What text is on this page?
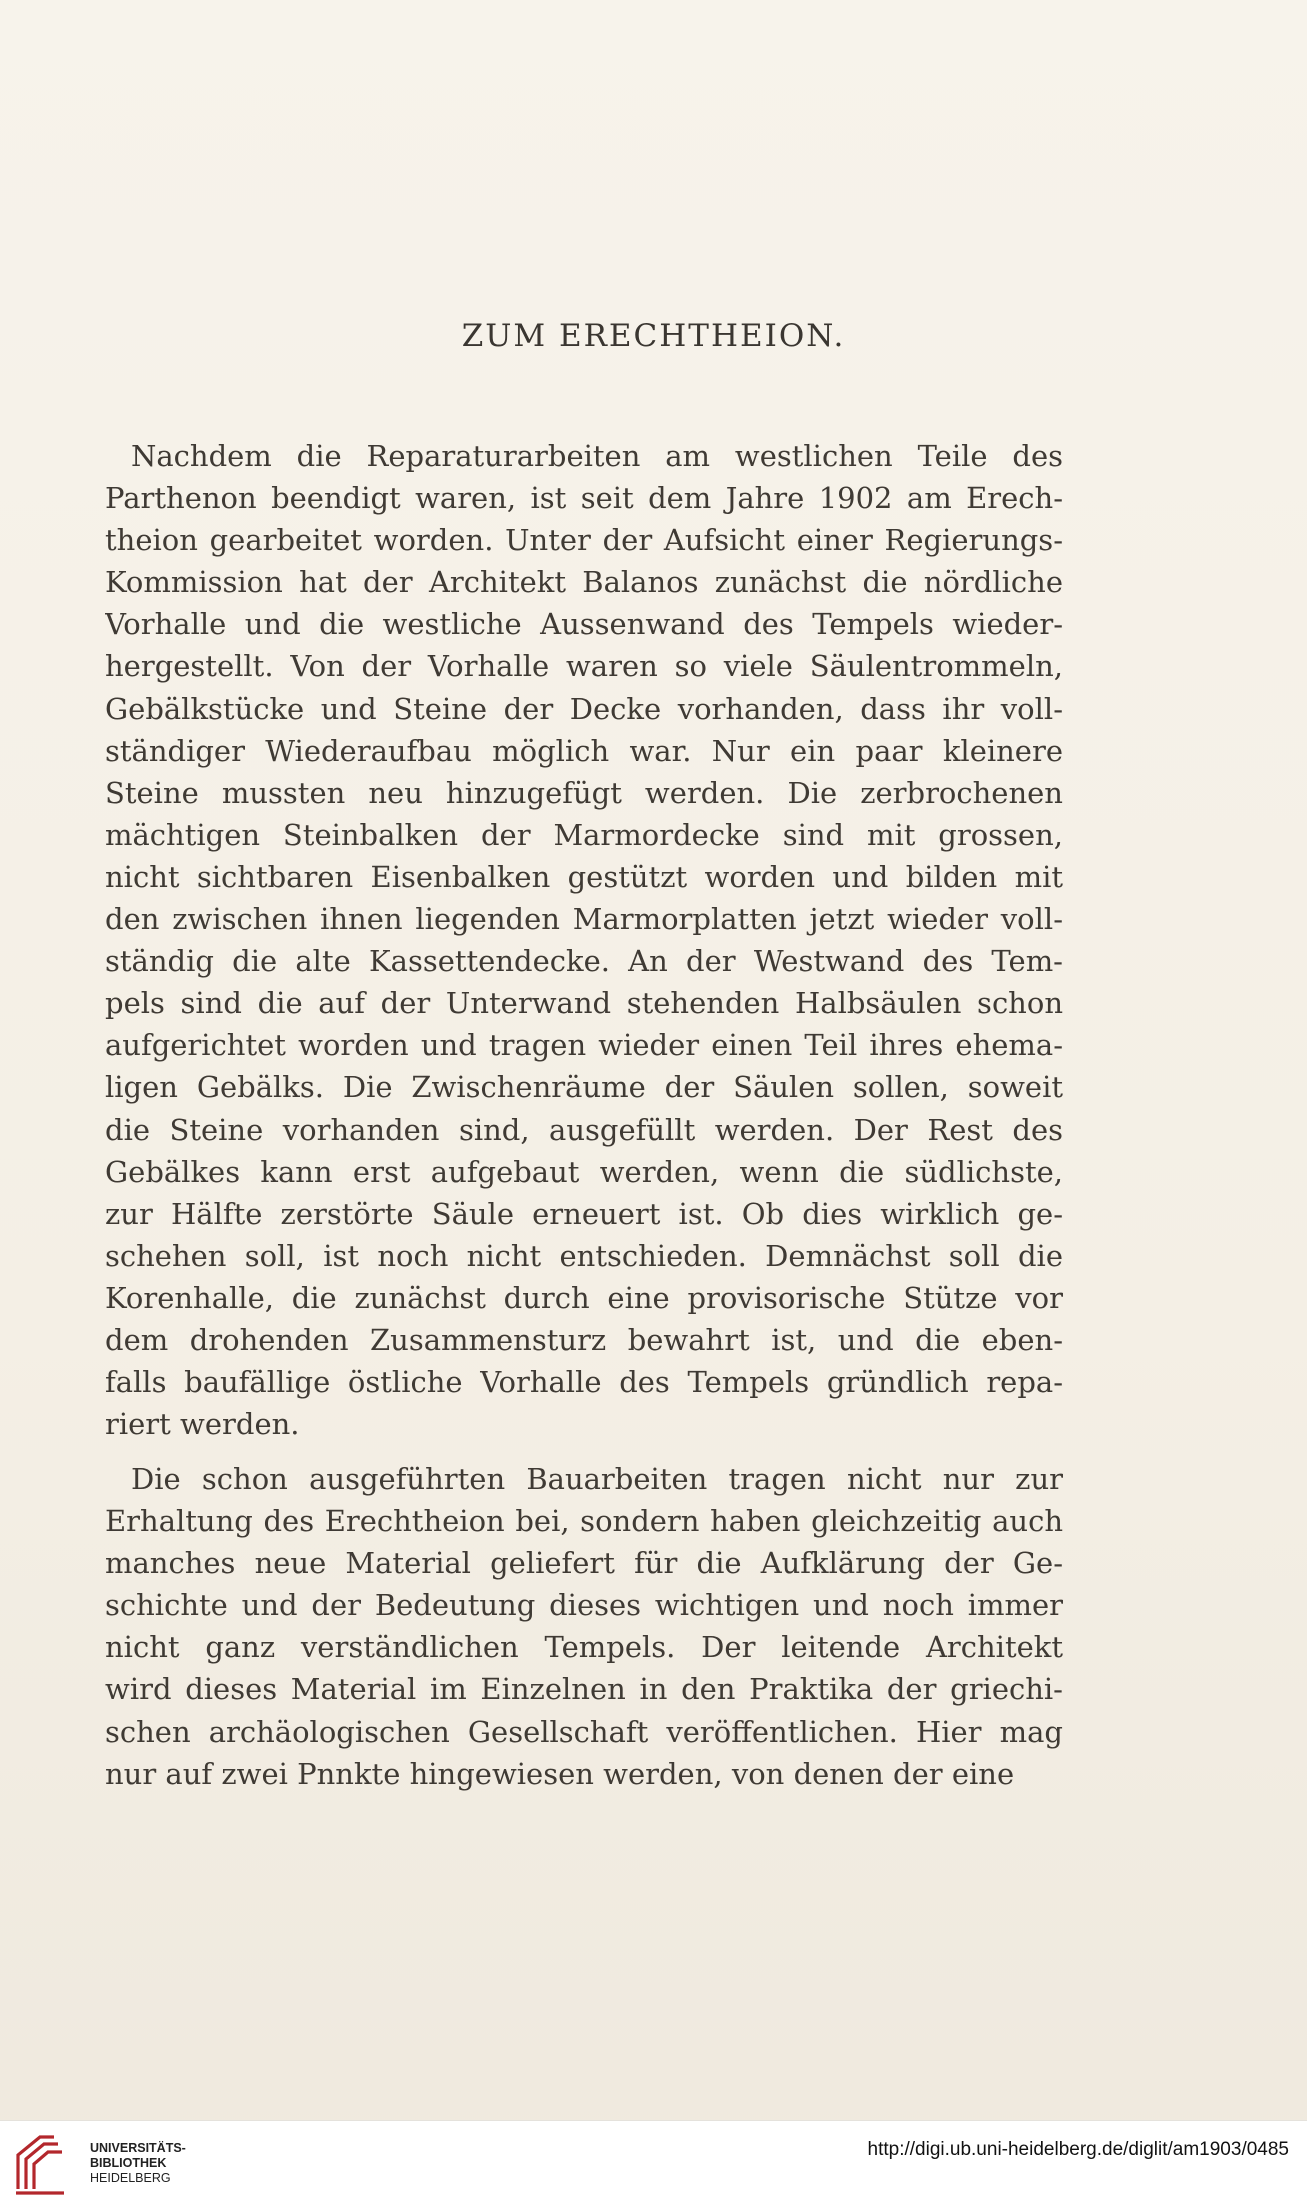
ZUM ERECHTHEION.
Nachdem die Reparaturarbeiten am westlichen Teile des
Parthenon beendigt waren, ist seit dem Jahre 1902 am Erech-
theion gearbeitet worden. Unter der Aufsicht einer Regierungs-
Kommission hat der Architekt Balanos zunächst die nördliche
Vorhalle und die westliche Aussenwand des Tempels wieder-
hergestellt. Von der Vorhalle waren so viele Säulentrommeln,
Gebälkstücke und Steine der Decke vorhanden, dass ihr voll-
ständiger Wiederaufbau möglich war. Nur ein paar kleinere
Steine mussten neu hinzugefügt werden. Die zerbrochenen
mächtigen Steinbalken der Marmordecke sind mit grossen,
nicht sichtbaren Eisenbalken gestützt worden und bilden mit
den zwischen ihnen liegenden Marmorplatten jetzt wieder voll-
ständig die alte Kassettendecke. An der Westwand des Tem-
pels sind die auf der Unterwand stehenden Halbsäulen schon
aufgerichtet worden und tragen wieder einen Teil ihres ehema-
ligen Gebälks. Die Zwischenräume der Säulen sollen, soweit
die Steine vorhanden sind, ausgefüllt werden. Der Rest des
Gebälkes kann erst aufgebaut werden, wenn die südlichste,
zur Hälfte zerstörte Säule erneuert ist. Ob dies wirklich ge-
schehen soll, ist noch nicht entschieden. Demnächst soll die
Korenhalle, die zunächst durch eine provisorische Stütze vor
dem drohenden Zusammensturz bewahrt ist, und die eben-
falls baufällige östliche Vorhalle des Tempels gründlich repa-
riert werden.
Die schon ausgeführten Bauarbeiten tragen nicht nur zur
Erhaltung des Erechtheion bei, sondern haben gleichzeitig auch
manches neue Material geliefert für die Aufklärung der Ge-
schichte und der Bedeutung dieses wichtigen und noch immer
nicht ganz verständlichen Tempels. Der leitende Architekt
wird dieses Material im Einzelnen in den Praktika der griechi-
schen archäologischen Gesellschaft veröffentlichen. Hier mag
nur auf zwei Pnnkte hingewiesen werden, von denen der eine
UNIVERSITÄTS-
BIBLIOTHEK
HEIDELBERG
http://digi.ub.uni-heidelberg.de/diglit/am1903/0485
